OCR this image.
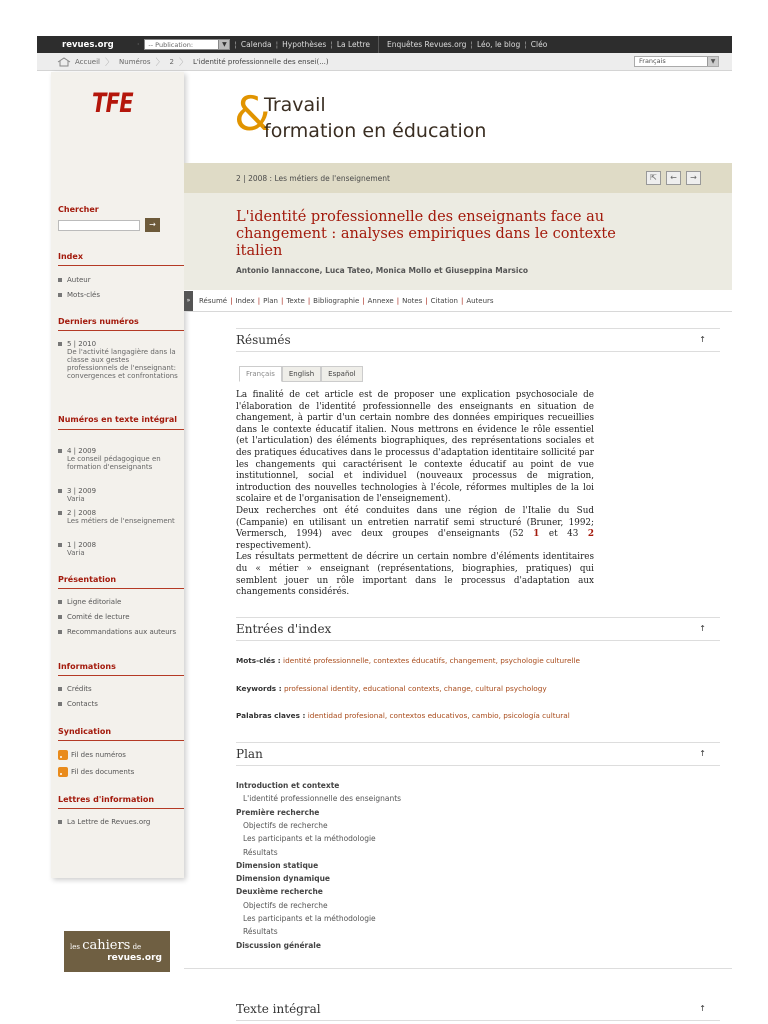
revues.org	· -- Publication:	▼	¦ Calenda ¦ Hypothèses ¦ La Lettre Enquêtes Revues.org ¦ Léo, le blog ¦ Cléo
Accueil 〉 Numéros 〉 2 〉 L'identité professionnelle des ensei(...)	Français	▼
TFE
Chercher
→
Index
Auteur
Mots-clés
Derniers numéros
5 | 2010
De l'activité langagière dans la classe aux gestes professionnels de l'enseignant: convergences et confrontations
Numéros en texte intégral
4 | 2009
Le conseil pédagogique en formation d'enseignants
3 | 2009
Varia
2 | 2008
Les métiers de l'enseignement
1 | 2008
Varia
Présentation
Ligne éditoriale
Comité de lecture
Recommandations aux auteurs
Informations
Crédits
Contacts
Syndication
Fil des numéros
Fil des documents
Lettres d'information
La Lettre de Revues.org
les cahiers de
revues.org
&
Travail
formation en éducation
2 | 2008 : Les métiers de l'enseignement	⇱	←	→
L'identité professionnelle des enseignants face au changement : analyses empiriques dans le contexte italien
Antonio Iannaccone, Luca Tateo, Monica Mollo et Giuseppina Marsico
»	Résumé | Index | Plan | Texte | Bibliographie | Annexe | Notes | Citation | Auteurs
Résumés	↑
Français	English	Español

La finalité de cet article est de proposer une explication psychosociale de l'élaboration de l'identité professionnelle des enseignants en situation de changement, à partir d'un certain nombre des données empiriques recueillies dans le contexte éducatif italien. Nous mettrons en évidence le rôle essentiel (et l'articulation) des éléments biographiques, des représentations sociales et des pratiques éducatives dans le processus d'adaptation identitaire sollicité par les changements qui caractérisent le contexte éducatif au point de vue institutionnel, social et individuel (nouveaux processus de migration, introduction des nouvelles technologies à l'école, réformes multiples de la loi scolaire et de l'organisation de l'enseignement).

Deux recherches ont été conduites dans une région de l'Italie du Sud (Campanie) en utilisant un entretien narratif semi structuré (Bruner, 1992; Vermersch, 1994) avec deux groupes d'enseignants (52 1 et 43 2 respectivement).

Les résultats permettent de décrire un certain nombre d'éléments identitaires du « métier » enseignant (représentations, biographies, pratiques) qui semblent jouer un rôle important dans le processus d'adaptation aux changements considérés.

Entrées d'index	↑
Mots-clés : identité professionnelle, contextes éducatifs, changement, psychologie culturelle
Keywords : professional identity, educational contexts, change, cultural psychology
Palabras claves : identidad profesional, contextos educativos, cambio, psicología cultural
Plan	↑
Introduction et contexte
L'identité professionnelle des enseignants
Première recherche
Objectifs de recherche
Les participants et la méthodologie
Résultats
Dimension statique
Dimension dynamique
Deuxième recherche
Objectifs de recherche
Les participants et la méthodologie
Résultats
Discussion générale
Texte intégral	↑
